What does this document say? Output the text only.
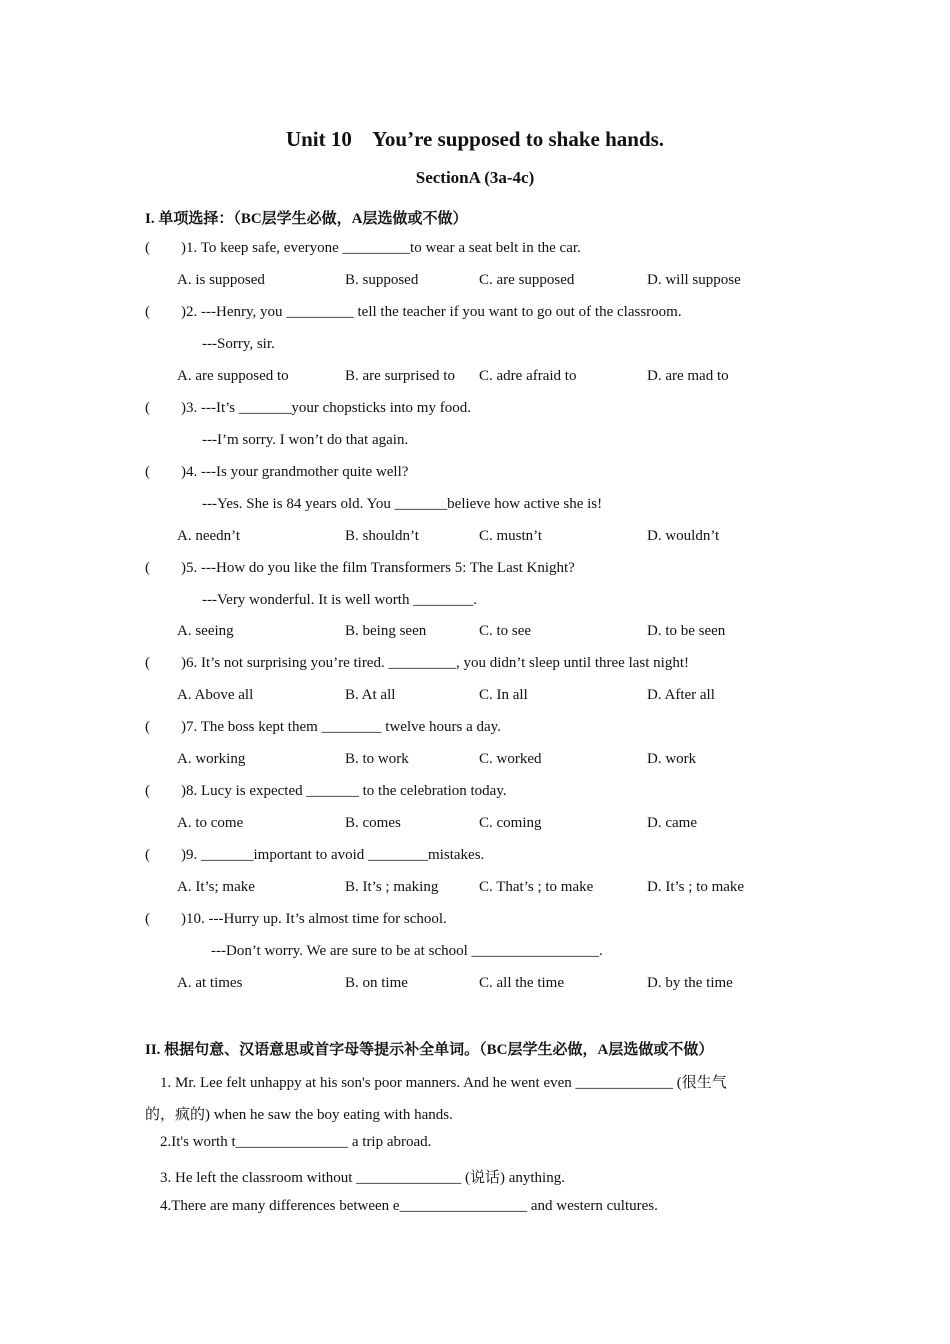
Unit 10    You’re supposed to shake hands.
SectionA (3a-4c)
I. 单项选择：（BC层学生必做，A层选做或不做）
( )1. To keep safe, everyone _________to wear a seat belt in the car.
A. is supposed	B. supposed	C. are supposed	D. will suppose
( )2. ---Henry, you _________ tell the teacher if you want to go out of the classroom.
---Sorry, sir.
A. are supposed to	B. are surprised to C. adre afraid to	D. are mad to
( )3. ---It’s _______your chopsticks into my food.
---I’m sorry. I won’t do that again.
( )4. ---Is your grandmother quite well?
---Yes. She is 84 years old. You _______believe how active she is!
A. needn’t	B. shouldn’t	C. mustn’t	D. wouldn’t
( )5. ---How do you like the film Transformers 5: The Last Knight?
---Very wonderful. It is well worth ________.
A. seeing	B. being seen	C. to see	D. to be seen
( )6. It’s not surprising you’re tired. _________, you didn’t sleep until three last night!
A. Above all	B. At all	C. In all	D. After all
( )7. The boss kept them ________ twelve hours a day.
A. working	B. to work	C. worked	D. work
( )8. Lucy is expected _______ to the celebration today.
A. to come	B. comes	C. coming	D. came
( )9. _______important to avoid ________mistakes.
A. It’s; make	B. It’s ; making	C. That’s ; to make	D. It’s ; to make
( )10. ---Hurry up. It’s almost time for school.
---Don’t worry. We are sure to be at school _________________.
A. at times	B. on time	C. all the time	D. by the time
II. 根据句意、汉语意思或首字母等提示补全单词。（BC层学生必做，A层选做或不做）
1. Mr. Lee felt unhappy at his son's poor manners. And he went even _____________ (很生气
的，疯的) when he saw the boy eating with hands.
2.It's worth t_______________ a trip abroad.
3. He left the classroom without ______________ (说话) anything.
4.There are many differences between e_________________ and western cultures.
